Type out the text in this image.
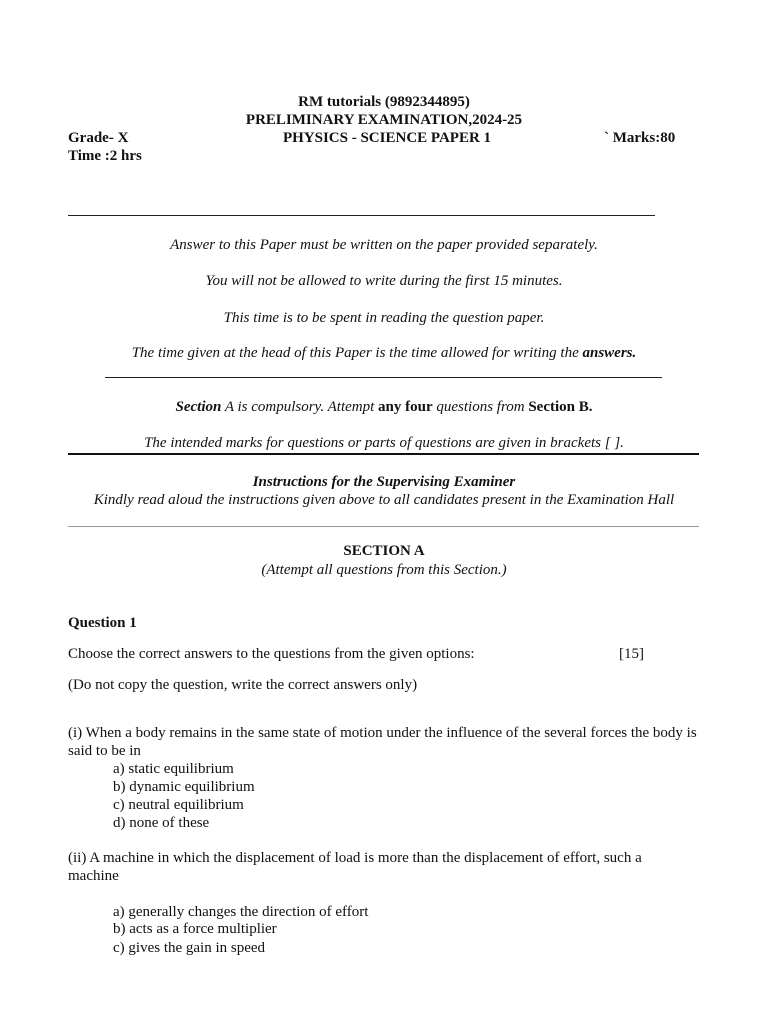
RM tutorials (9892344895)
PRELIMINARY EXAMINATION,2024-25
PHYSICS - SCIENCE PAPER 1
Grade- X	` Marks:80
Time :2 hrs
Answer to this Paper must be written on the paper provided separately.
You will not be allowed to write during the first 15 minutes.
This time is to be spent in reading the question paper.
The time given at the head of this Paper is the time allowed for writing the answers.
Section A is compulsory. Attempt any four questions from Section B.
The intended marks for questions or parts of questions are given in brackets [ ].
Instructions for the Supervising Examiner
Kindly read aloud the instructions given above to all candidates present in the Examination Hall
SECTION A
(Attempt all questions from this Section.)
Question 1
Choose the correct answers to the questions from the given options:	[15]
(Do not copy the question, write the correct answers only)
(i) When a body remains in the same state of motion under the influence of the several forces the body is
said to be in
a) static equilibrium
b) dynamic equilibrium
c) neutral equilibrium
d) none of these
(ii) A machine in which the displacement of load is more than the displacement of effort, such a
machine
a) generally changes the direction of effort
b) acts as a force multiplier
c) gives the gain in speed
